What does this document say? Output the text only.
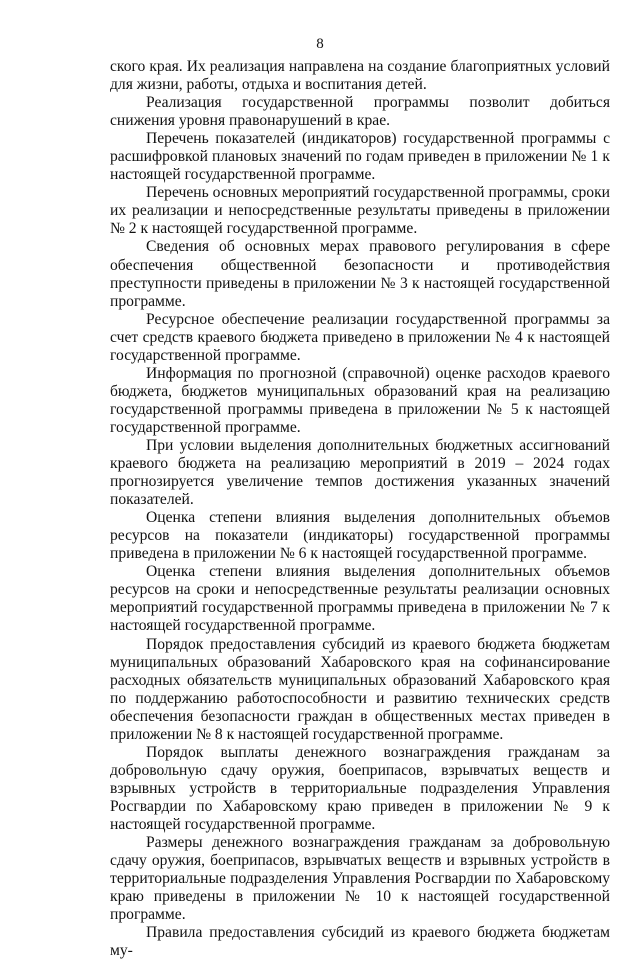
8

ского края. Их реализация направлена на создание благоприятных условий для жизни, работы, отдыха и воспитания детей.

Реализация государственной программы позволит добиться снижения уровня правонарушений в крае.

Перечень показателей (индикаторов) государственной программы с расшифровкой плановых значений по годам приведен в приложении № 1 к настоящей государственной программе.

Перечень основных мероприятий государственной программы, сроки их реализации и непосредственные результаты приведены в приложении № 2 к настоящей государственной программе.

Сведения об основных мерах правового регулирования в сфере обеспечения общественной безопасности и противодействия преступности приведены в приложении № 3 к настоящей государственной программе.

Ресурсное обеспечение реализации государственной программы за счет средств краевого бюджета приведено в приложении № 4 к настоящей государственной программе.

Информация по прогнозной (справочной) оценке расходов краевого бюджета, бюджетов муниципальных образований края на реализацию государственной программы приведена в приложении № 5 к настоящей государственной программе.

При условии выделения дополнительных бюджетных ассигнований краевого бюджета на реализацию мероприятий в 2019 – 2024 годах прогнозируется увеличение темпов достижения указанных значений показателей.

Оценка степени влияния выделения дополнительных объемов ресурсов на показатели (индикаторы) государственной программы приведена в приложении № 6 к настоящей государственной программе.

Оценка степени влияния выделения дополнительных объемов ресурсов на сроки и непосредственные результаты реализации основных мероприятий государственной программы приведена в приложении № 7 к настоящей государственной программе.

Порядок предоставления субсидий из краевого бюджета бюджетам муниципальных образований Хабаровского края на софинансирование расходных обязательств муниципальных образований Хабаровского края по поддержанию работоспособности и развитию технических средств обеспечения безопасности граждан в общественных местах приведен в приложении № 8 к настоящей государственной программе.

Порядок выплаты денежного вознаграждения гражданам за добровольную сдачу оружия, боеприпасов, взрывчатых веществ и взрывных устройств в территориальные подразделения Управления Росгвардии по Хабаровскому краю приведен в приложении № 9 к настоящей государственной программе.

Размеры денежного вознаграждения гражданам за добровольную сдачу оружия, боеприпасов, взрывчатых веществ и взрывных устройств в территориальные подразделения Управления Росгвардии по Хабаровскому краю приведены в приложении № 10 к настоящей государственной программе.

Правила предоставления субсидий из краевого бюджета бюджетам му-
